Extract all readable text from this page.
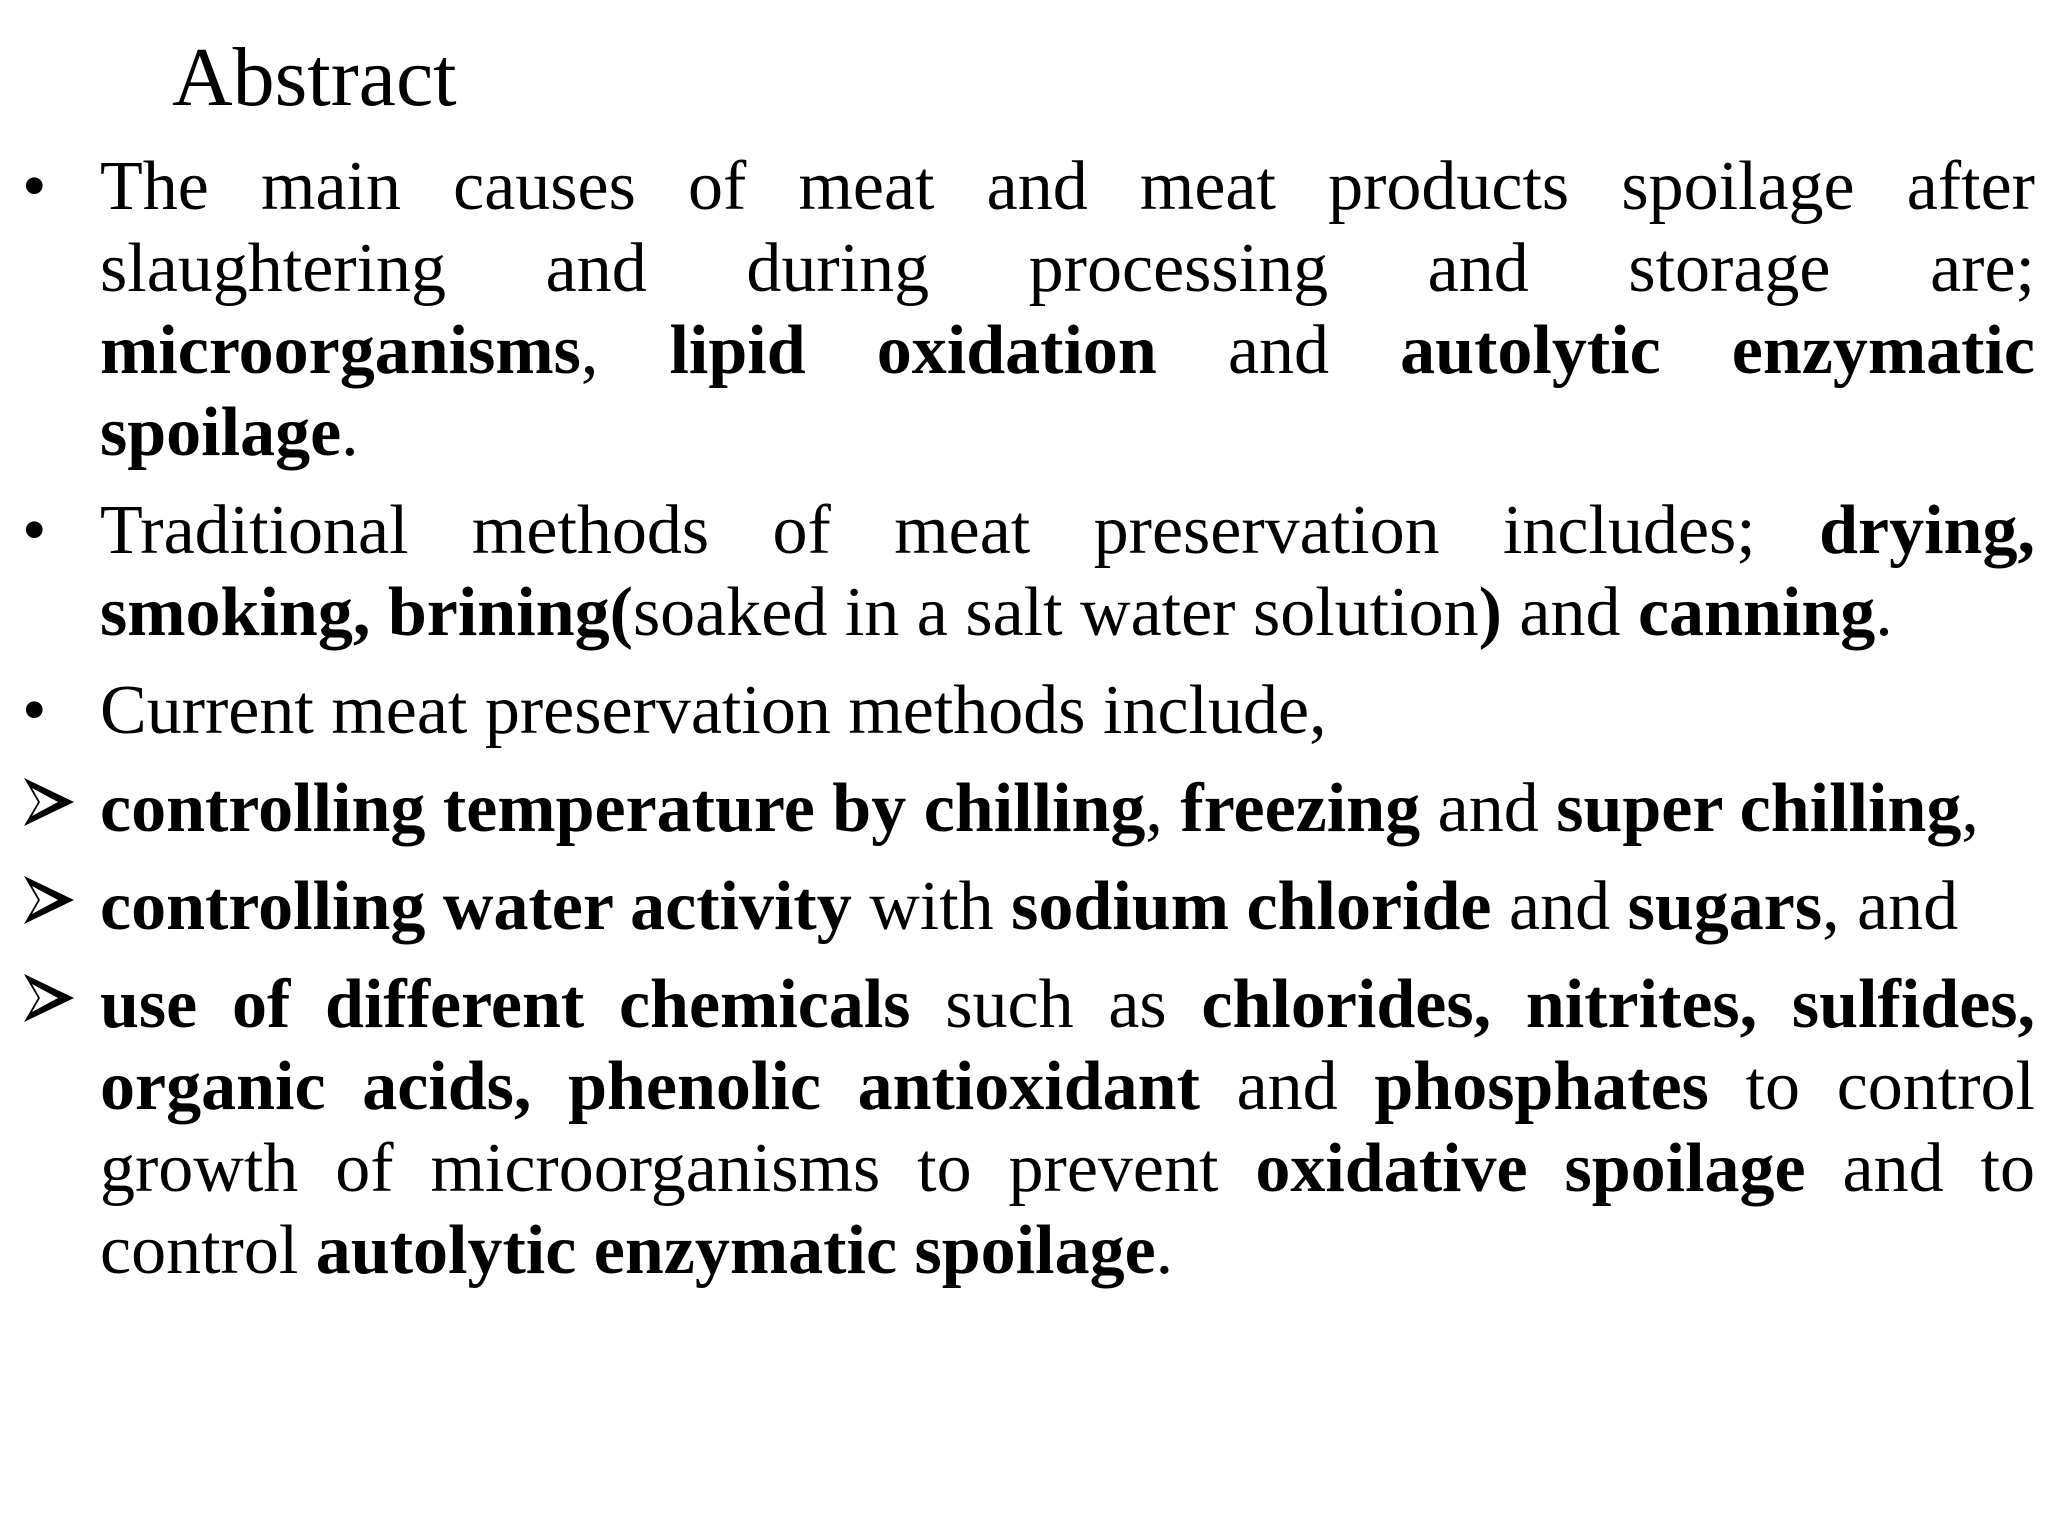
Abstract
• The main causes of meat and meat products spoilage after slaughtering and during processing and storage are; microorganisms, lipid oxidation and autolytic enzymatic spoilage.
• Traditional methods of meat preservation includes; drying, smoking, brining(soaked in a salt water solution) and canning.
• Current meat preservation methods include,
controlling temperature by chilling, freezing and super chilling,
controlling water activity with sodium chloride and sugars, and
use of different chemicals such as chlorides, nitrites, sulfides, organic acids, phenolic antioxidant and phosphates to control growth of microorganisms to prevent oxidative spoilage and to control autolytic enzymatic spoilage.
